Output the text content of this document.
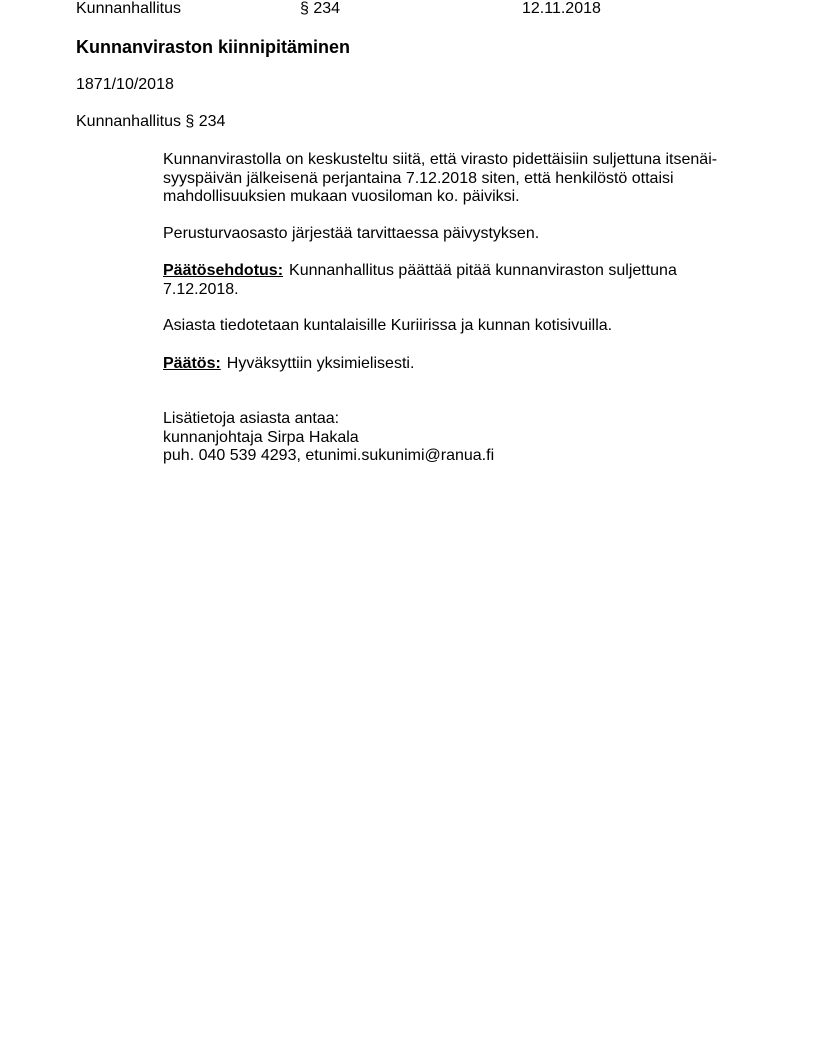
Kunnanhallitus	§ 234	12.11.2018
Kunnanviraston kiinnipitäminen
1871/10/2018
Kunnanhallitus § 234
Kunnanvirastolla on keskusteltu siitä, että virasto pidettäisiin suljettuna itsenäi-
syyspäivän jälkeisenä perjantaina 7.12.2018 siten, että henkilöstö ottaisi
mahdollisuuksien mukaan vuosiloman ko. päiviksi.
Perusturvaosasto järjestää tarvittaessa päivystyksen.
Päätösehdotus: Kunnanhallitus päättää pitää kunnanviraston suljettuna
7.12.2018.
Asiasta tiedotetaan kuntalaisille Kuriirissa ja kunnan kotisivuilla.
Päätös: Hyväksyttiin yksimielisesti.
Lisätietoja asiasta antaa:
kunnanjohtaja Sirpa Hakala
puh. 040 539 4293, etunimi.sukunimi@ranua.fi
